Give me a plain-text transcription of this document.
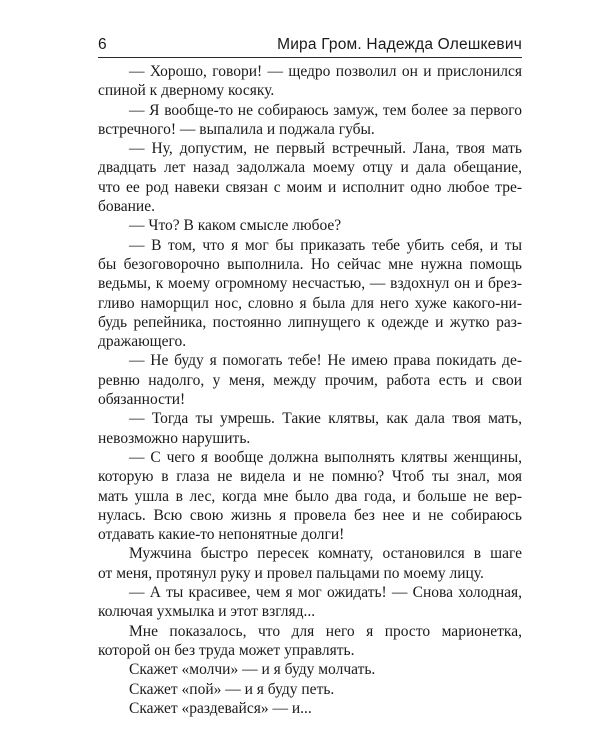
6	Мира Гром. Надежда Олешкевич
— Хорошо, говори! — щедро позволил он и прислонился
спиной к дверному косяку.
— Я вообще-то не собираюсь замуж, тем более за первого
встречного! — выпалила и поджала губы.
— Ну, допустим, не первый встречный. Лана, твоя мать
двадцать лет назад задолжала моему отцу и дала обещание,
что ее род навеки связан с моим и исполнит одно любое тре-
бование.
— Что? В каком смысле любое?
— В том, что я мог бы приказать тебе убить себя, и ты
бы безоговорочно выполнила. Но сейчас мне нужна помощь
ведьмы, к моему огромному несчастью, — вздохнул он и брез-
гливо наморщил нос, словно я была для него хуже какого-ни-
будь репейника, постоянно липнущего к одежде и жутко раз-
дражающего.
— Не буду я помогать тебе! Не имею права покидать де-
ревню надолго, у меня, между прочим, работа есть и свои
обязанности!
— Тогда ты умрешь. Такие клятвы, как дала твоя мать,
невозможно нарушить.
— С чего я вообще должна выполнять клятвы женщины,
которую в глаза не видела и не помню? Чтоб ты знал, моя
мать ушла в лес, когда мне было два года, и больше не вер-
нулась. Всю свою жизнь я провела без нее и не собираюсь
отдавать какие-то непонятные долги!
Мужчина быстро пересек комнату, остановился в шаге
от меня, протянул руку и провел пальцами по моему лицу.
— А ты красивее, чем я мог ожидать! — Снова холодная,
колючая ухмылка и этот взгляд...
Мне показалось, что для него я просто марионетка,
которой он без труда может управлять.
Скажет «молчи» — и я буду молчать.
Скажет «пой» — и я буду петь.
Скажет «раздевайся» — и...
